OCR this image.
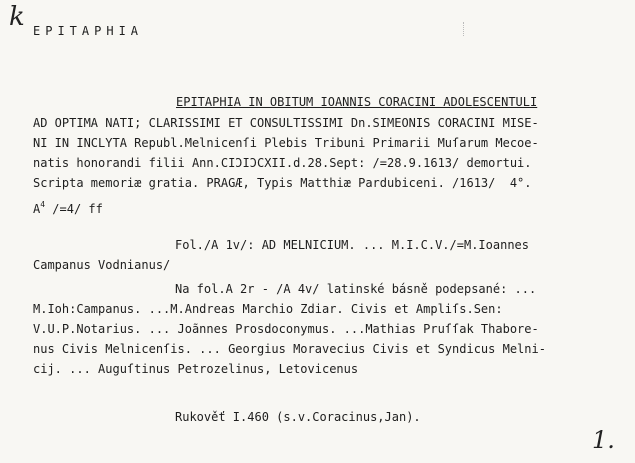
k EPITAPHIA
EPITAPHIA IN OBITUM IOANNIS CORACINI ADOLESCENTULI
AD OPTIMA NATI; CLARISSIMI ET CONSULTISSIMI Dn.SIMEONIS CORACINI MISE-
NI IN INCLYTA Republ.Melnicenſi Plebis Tribuni Primarii Muſarum Mecoe-
natis honorandi filii Ann.CIƆIƆCXII.d.28.Sept: /=28.9.1613/ demortui.
Scripta memoriæ gratia. PRAGÆ, Typis Matthiæ Pardubiceni. /1613/  4°.
$A^4$ /=4/ ff
Fol./A 1v/: AD MELNICIUM. ... M.I.C.V./=M.Ioannes
Campanus Vodnianus/
Na fol.A 2r - /A 4v/ latinské básně podepsané: ...
M.Ioh:Campanus. ...M.Andreas Marchio Zdiar. Civis et Ampliſs.Sen:
V.U.P.Notarius. ... Joãnnes Prosdoconymus. ...Mathias Pruſſak Thabore-
nus Civis Melnicenſis. ... Georgius Moravecius Civis et Syndicus Melni-
cij. ... Auguſtinus Petrozelinus, Letovicenus
Rukověť I.460 (s.v.Coracinus,Jan).
1.
